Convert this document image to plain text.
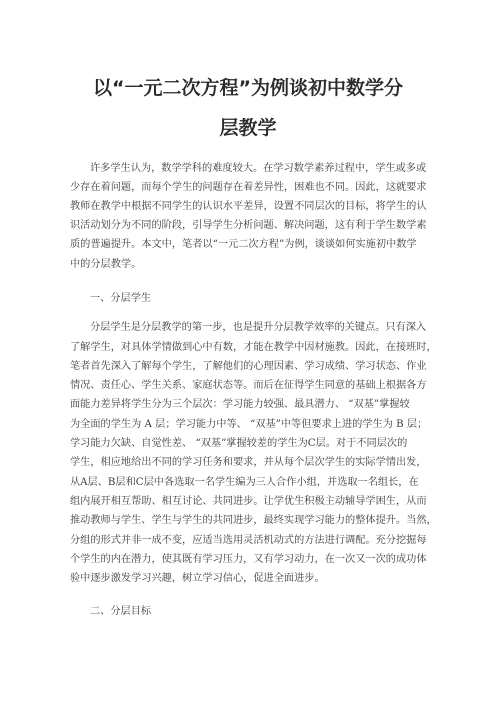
以“一元二次方程”为例谈初中数学分
层教学
许多学生认为，数学学科的难度较大。在学习数学素养过程中，学生或多或
少存在着问题，而每个学生的问题存在着差异性，困难也不同。因此，这就要求
教师在教学中根据不同学生的认识水平差异，设置不同层次的目标，将学生的认
识活动划分为不同的阶段，引导学生分析问题、解决问题，这有利于学生数学素
质的普遍提升。本文中，笔者以“一元二次方程”为例，谈谈如何实施初中数学
中的分层教学。
一、分层学生
分层学生是分层教学的第一步，也是提升分层教学效率的关键点。只有深入
了解学生，对具体学情做到心中有数，才能在教学中因材施教。因此，在接班时，
笔者首先深入了解每个学生，了解他们的心理因素、学习成绩、学习状态、作业
情况、责任心、学生关系、家庭状态等。而后在征得学生同意的基础上根据各方
面能力差异将学生分为三个层次：学习能力较强、最具潜力、 “双基”掌握较
为全面的学生为 A 层；学习能力中等、 “双基”中等但要求上进的学生为 B 层；
学习能力欠缺、自觉性差、 “双基”掌握较差的学生为C层。对于不同层次的
学生，相应地给出不同的学习任务和要求，并从每个层次学生的实际学情出发，
从A层、B层和C层中各选取一名学生编为三人合作小组，并选取一名组长，在
组内展开相互帮助、相互讨论、共同进步。让学优生积极主动辅导学困生，从而
推动教师与学生、学生与学生的共同进步，最终实现学习能力的整体提升。当然，
分组的形式并非一成不变，应适当选用灵活机动式的方法进行调配。充分挖掘每
个学生的内在潜力，使其既有学习压力，又有学习动力，在一次又一次的成功体
验中逐步激发学习兴趣，树立学习信心，促进全面进步。
二、分层目标
